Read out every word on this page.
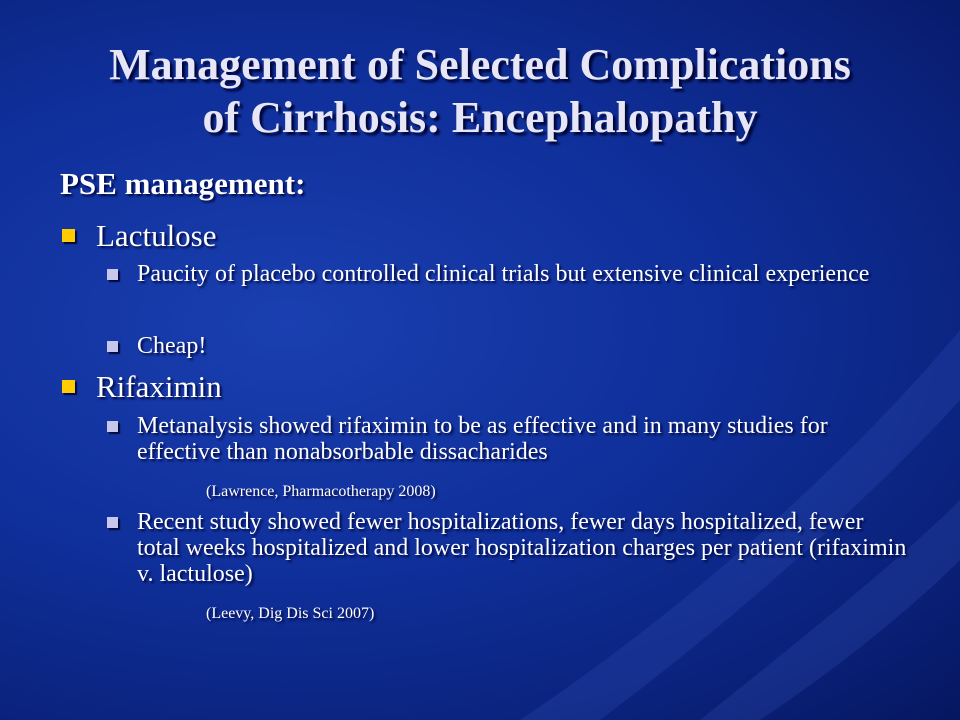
Management of Selected Complications
of Cirrhosis: Encephalopathy
PSE management:
Lactulose
Paucity of placebo controlled clinical trials but extensive clinical experience
Cheap!
Rifaximin
Metanalysis showed rifaximin to be as effective and in many studies for effective than nonabsorbable dissacharides
(Lawrence, Pharmacotherapy 2008)
Recent study showed fewer hospitalizations, fewer days hospitalized, fewer total weeks hospitalized and lower hospitalization charges per patient (rifaximin v. lactulose)
(Leevy, Dig Dis Sci 2007)
